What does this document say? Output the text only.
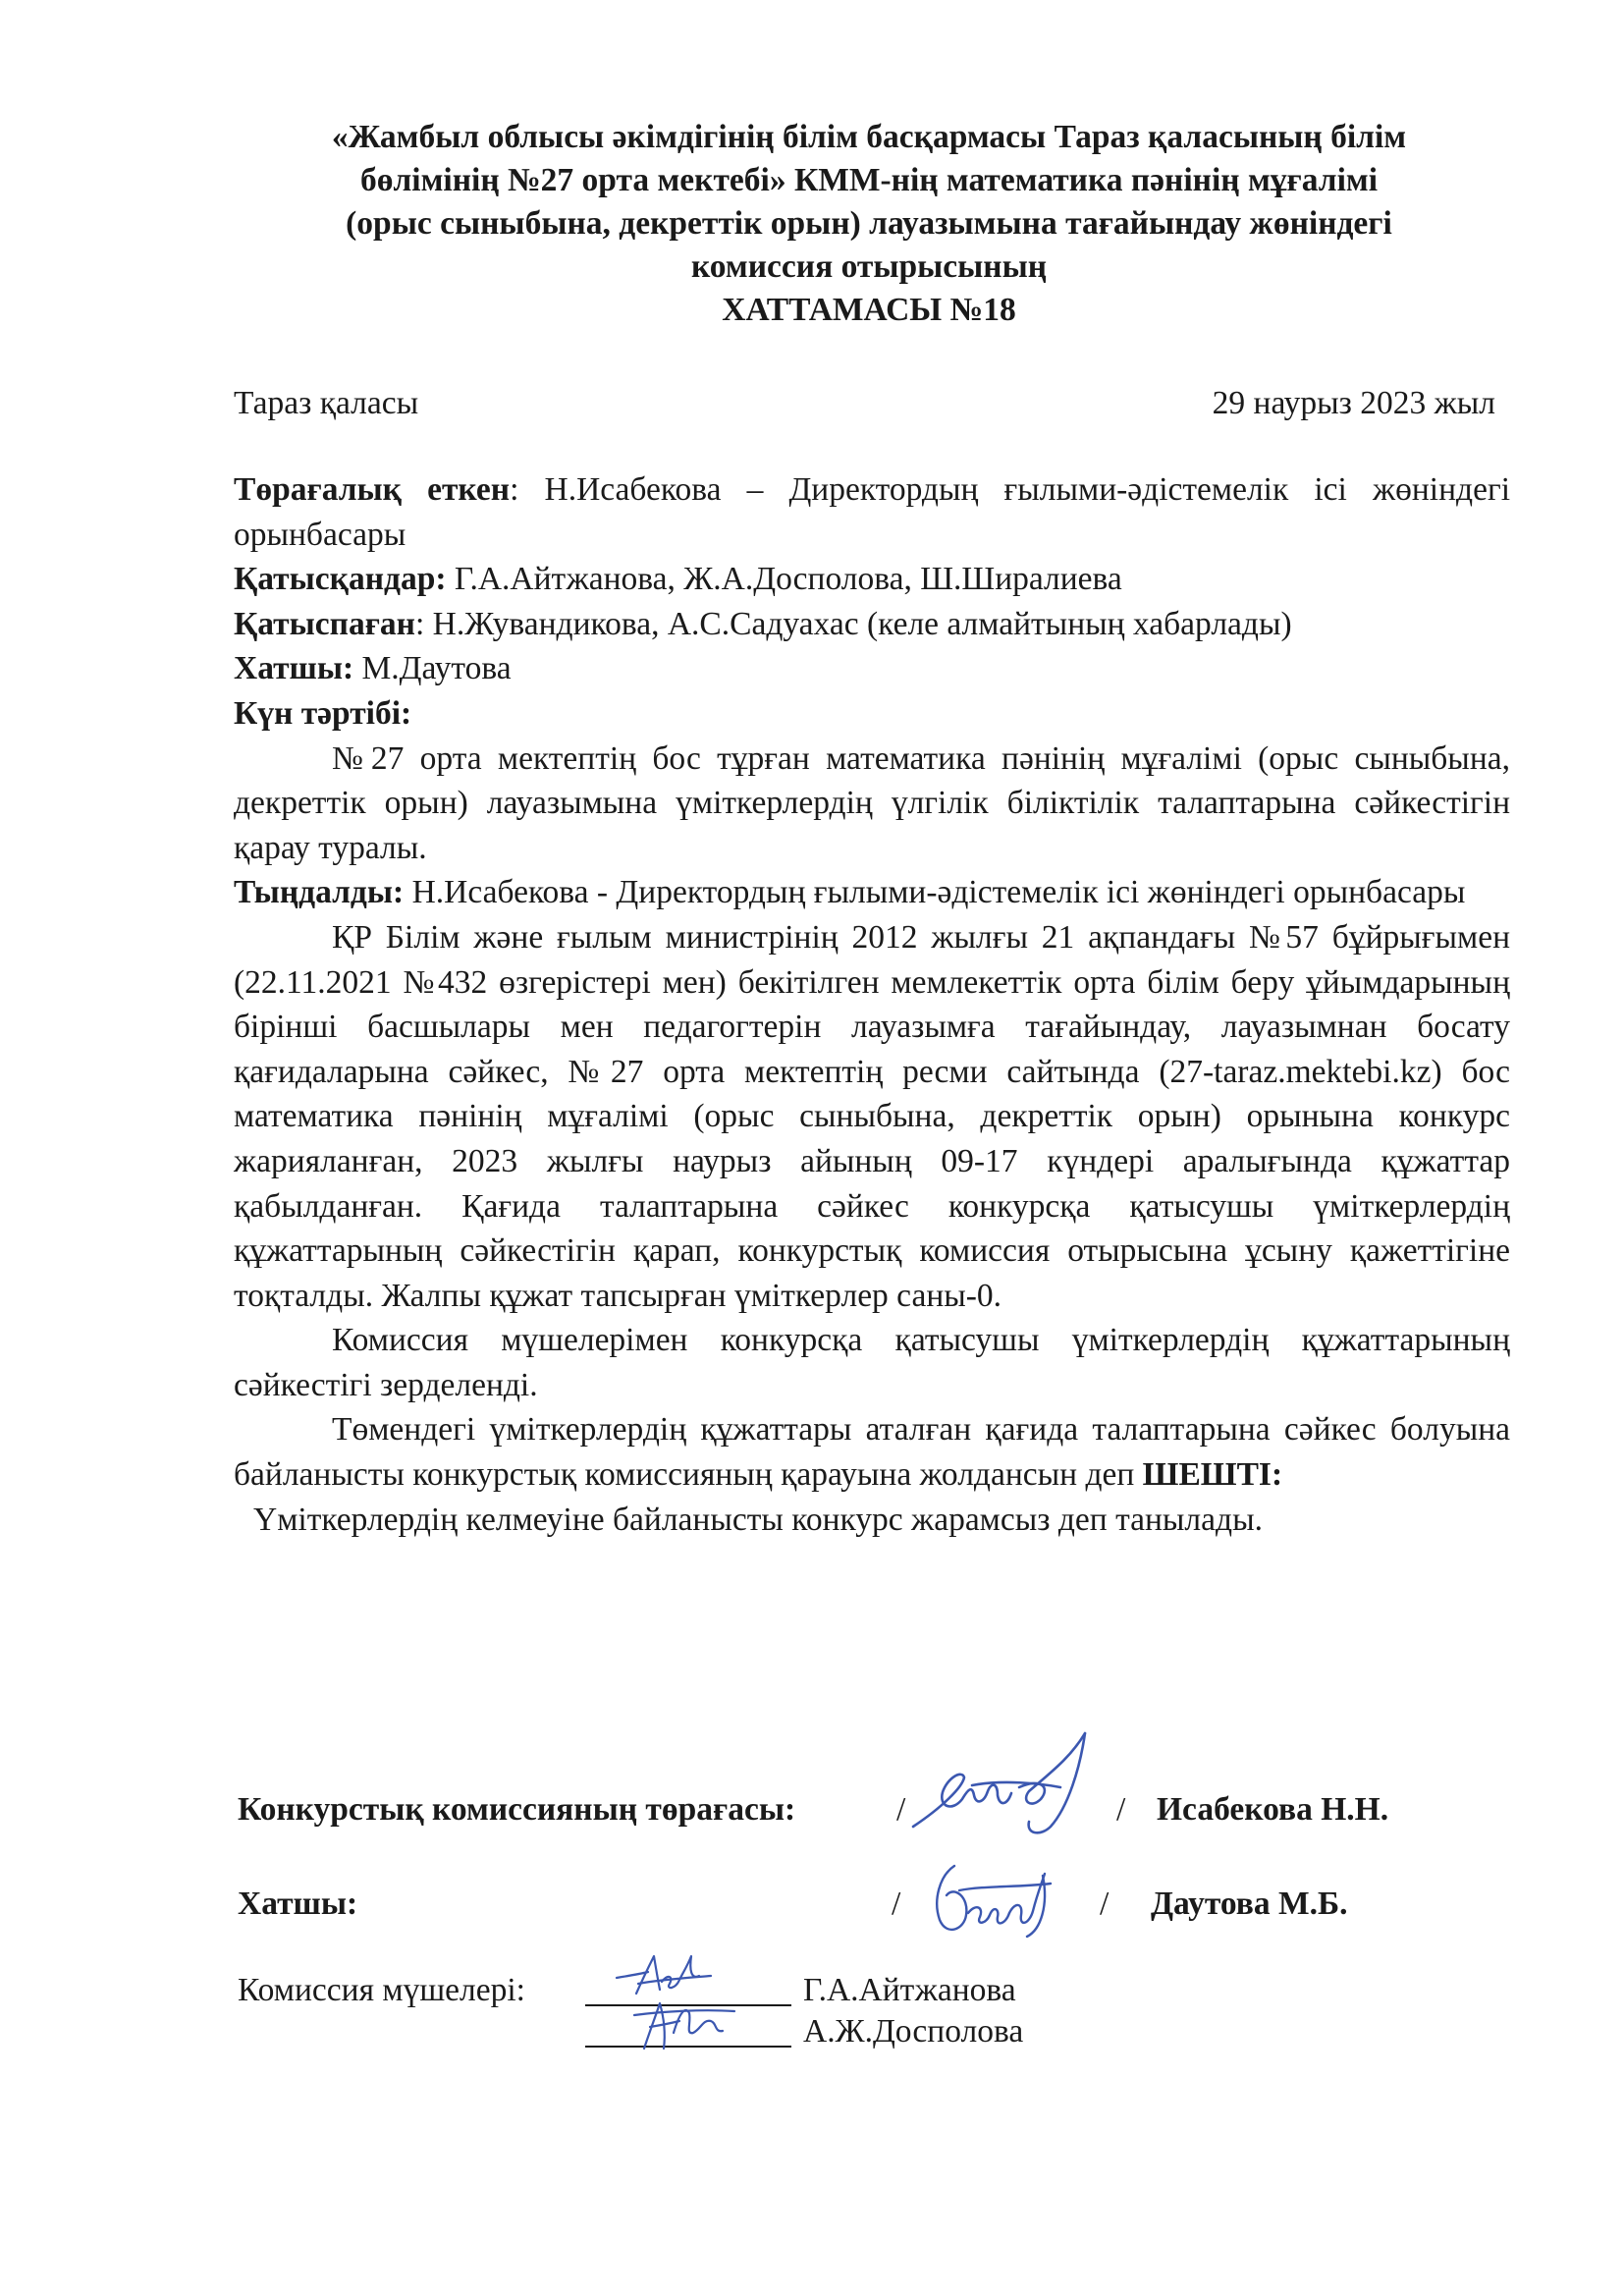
«Жамбыл облысы әкімдігінің білім басқармасы Тараз қаласының білім
бөлімінің №27 орта мектебі» КММ-нің математика пәнінің мұғалімі
(орыс сыныбына, декреттік орын) лауазымына тағайындау жөніндегі
комиссия отырысының
ХАТТАМАСЫ №18
Тараз қаласы	29 наурыз 2023 жыл

Төрағалық еткен: Н.Исабекова – Директордың ғылыми-әдістемелік ісі жөніндегі орынбасары

Қатысқандар: Г.А.Айтжанова, Ж.А.Досполова, Ш.Ширалиева

Қатыспаған: Н.Жувандикова, А.С.Садуахас (келе алмайтының хабарлады)

Хатшы: М.Даутова

Күн тәртібі:

№27 орта мектептің бос тұрған математика пәнінің мұғалімі (орыс сыныбына, декреттік орын) лауазымына үміткерлердің үлгілік біліктілік талаптарына сәйкестігін қарау туралы.

Тыңдалды: Н.Исабекова - Директордың ғылыми-әдістемелік ісі жөніндегі орынбасары

ҚР Білім және ғылым министрінің 2012 жылғы 21 ақпандағы №57 бұйрығымен (22.11.2021 №432 өзгерістері мен) бекітілген мемлекеттік орта білім беру ұйымдарының бірінші басшылары мен педагогтерін лауазымға тағайындау, лауазымнан босату қағидаларына сәйкес, №27 орта мектептің ресми сайтында (27-taraz.mektebi.kz) бос математика пәнінің мұғалімі (орыс сыныбына, декреттік орын) орынына конкурс жарияланған, 2023 жылғы наурыз айының 09-17 күндері аралығында құжаттар қабылданған. Қағида талаптарына сәйкес конкурсқа қатысушы үміткерлердің құжаттарының сәйкестігін қарап, конкурстық комиссия отырысына ұсыну қажеттігіне тоқталды. Жалпы құжат тапсырған үміткерлер саны-0.

Комиссия мүшелерімен конкурсқа қатысушы үміткерлердің құжаттарының сәйкестігі зерделенді.

Төмендегі үміткерлердің құжаттары аталған қағида талаптарына сәйкес болуына байланысты конкурстық комиссияның қарауына жолдансын деп ШЕШТІ:

Үміткерлердің келмеуіне байланысты конкурс жарамсыз деп танылады.

Конкурстық комиссияның төрағасы:	/	/ Исабекова Н.Н.
Хатшы:	/	/ Даутова М.Б.
Комиссия мүшелері:	Г.А.Айтжанова
А.Ж.Досполова
